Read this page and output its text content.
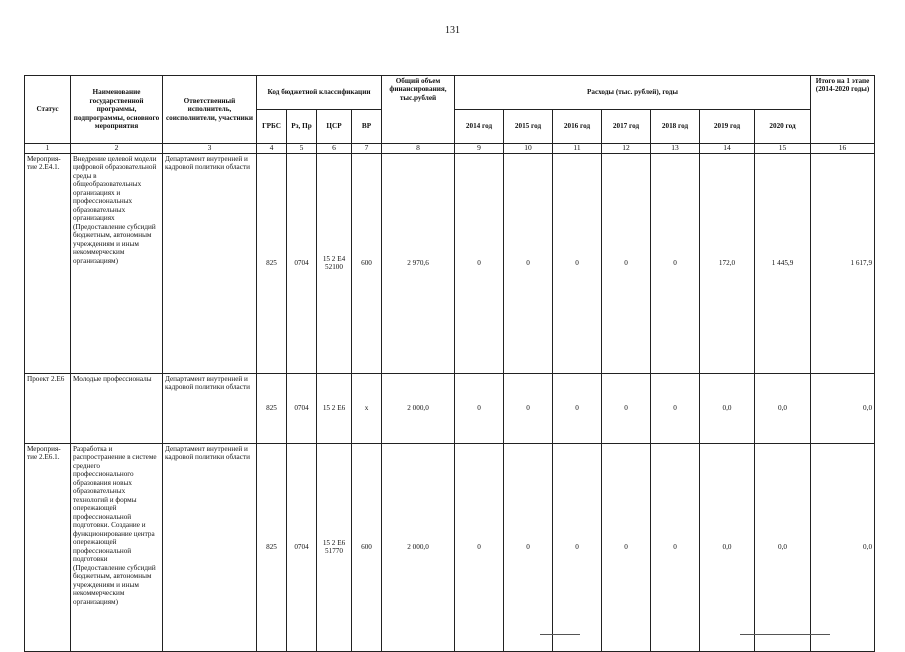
131
Статус	Наименование государственной программы, подпрограммы, основного мероприятия	Ответственный исполнитель, соисполнители, участники	Код бюджетной классификации				Общий объем финансирования, тыс.рублей	Расходы (тыс. рублей), годы							Итого на 1 этапе (2014-2020 годы)
			ГРБС	Рз, Пр	ЦСР	ВР		2014 год	2015 год	2016 год	2017 год	2018 год	2019 год	2020 год	
1	2	3	4	5	6	7	8	9	10	11	12	13	14	15	16
Мероприя-тие 2.Е4.1.	Внедрение целевой модели цифровой образовательной среды в общеобразовательных организациях и профессиональных образовательных организациях (Предоставление субсидий бюджетным, автономным учреждениям и иным некоммерческим организациям)	Департамент внутренней и кадровой политики области	825	0704	15 2 Е4 52100	600	2 970,6	0	0	0	0	0	172,0	1 445,9	1 617,9
Проект 2.Е6	Молодые профессионалы	Департамент внутренней и кадровой политики области	825	0704	15 2 Е6	х	2 000,0	0	0	0	0	0	0,0	0,0	0,0
Мероприя-тие 2.Е6.1.	Разработка и распространение в системе среднего профессионального образования новых образовательных технологий и формы опережающей профессиональной подготовки. Создание и функционирование центра опережающей профессиональной подготовки (Предоставление субсидий бюджетным, автономным учреждениям и иным некоммерческим организациям)	Департамент внутренней и кадровой политики области	825	0704	15 2 Е6 51770	600	2 000,0	0	0	0	0	0	0,0	0,0	0,0
